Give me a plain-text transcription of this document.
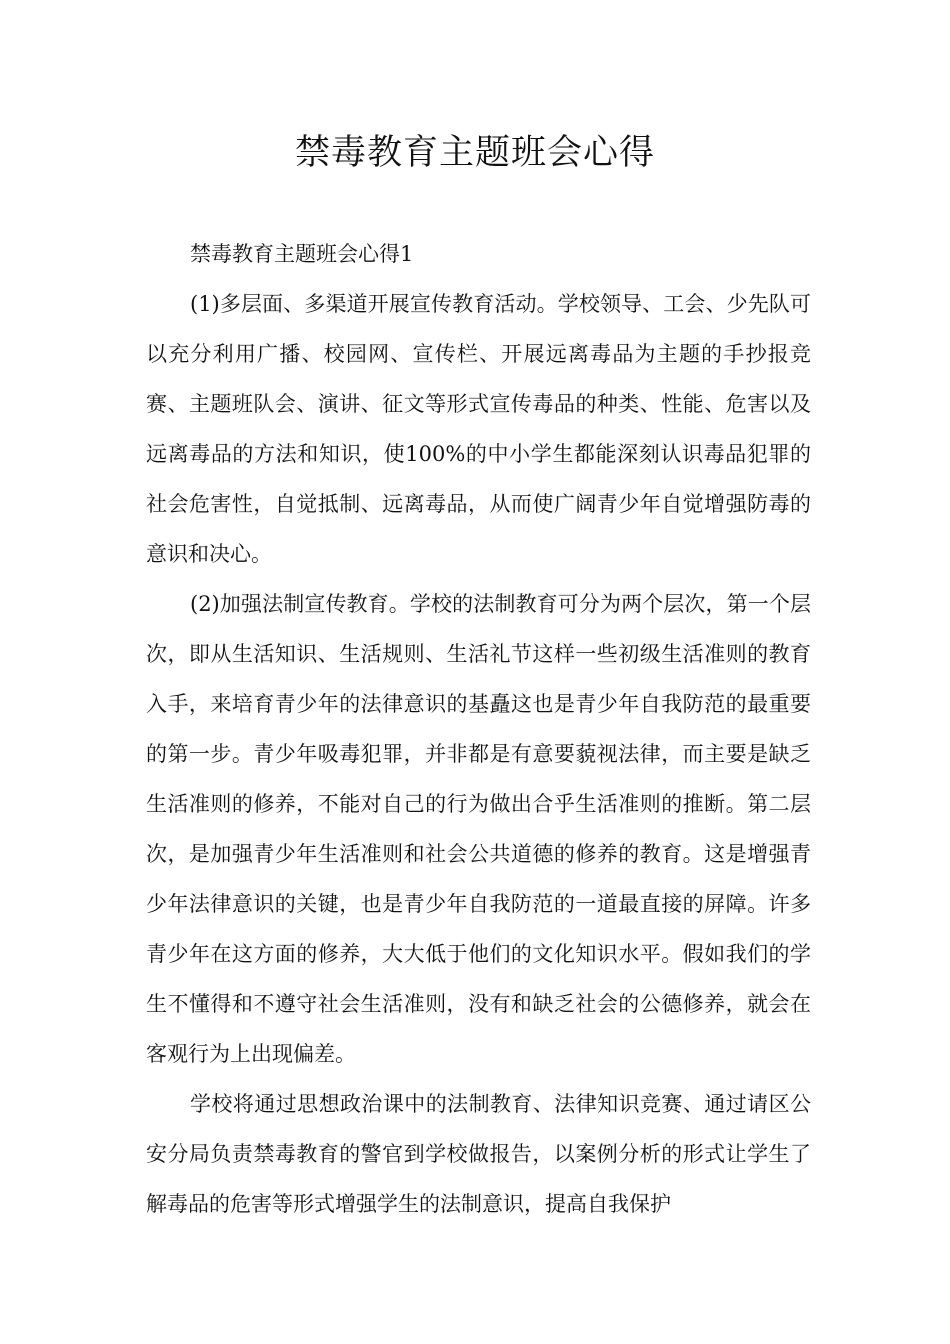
禁毒教育主题班会心得

禁毒教育主题班会心得1

(1)多层面、多渠道开展宣传教育活动。学校领导、工会、少先队可以充分利用广播、校园网、宣传栏、开展远离毒品为主题的手抄报竞赛、主题班队会、演讲、征文等形式宣传毒品的种类、性能、危害以及远离毒品的方法和知识，使100%的中小学生都能深刻认识毒品犯罪的社会危害性，自觉抵制、远离毒品，从而使广阔青少年自觉增强防毒的意识和决心。

(2)加强法制宣传教育。学校的法制教育可分为两个层次，第一个层次，即从生活知识、生活规则、生活礼节这样一些初级生活准则的教育入手，来培育青少年的法律意识的基矗这也是青少年自我防范的最重要的第一步。青少年吸毒犯罪，并非都是有意要藐视法律，而主要是缺乏生活准则的修养，不能对自己的行为做出合乎生活准则的推断。第二层次，是加强青少年生活准则和社会公共道德的修养的教育。这是增强青少年法律意识的关键，也是青少年自我防范的一道最直接的屏障。许多青少年在这方面的修养，大大低于他们的文化知识水平。假如我们的学生不懂得和不遵守社会生活准则，没有和缺乏社会的公德修养，就会在客观行为上出现偏差。

学校将通过思想政治课中的法制教育、法律知识竞赛、通过请区公安分局负责禁毒教育的警官到学校做报告，以案例分析的形式让学生了解毒品的危害等形式增强学生的法制意识，提高自我保护
